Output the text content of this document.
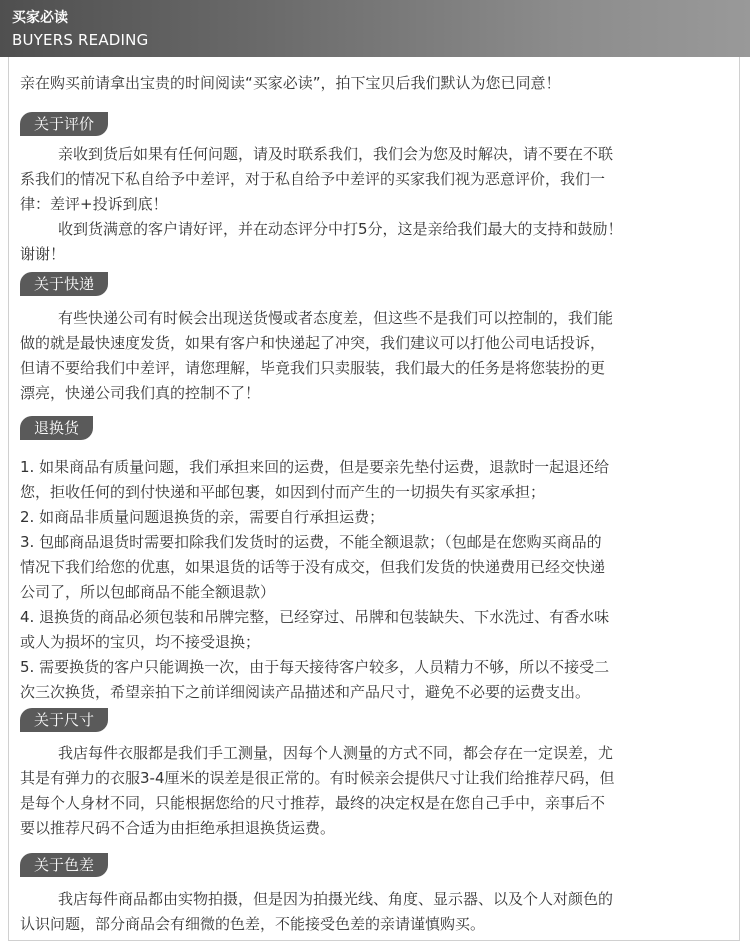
买家必读
BUYERS READING
亲在购买前请拿出宝贵的时间阅读“买家必读”，拍下宝贝后我们默认为您已同意！
关于评价
亲收到货后如果有任何问题，请及时联系我们，我们会为您及时解决，请不要在不联
系我们的情况下私自给予中差评，对于私自给予中差评的买家我们视为恶意评价，我们一
律：差评+投诉到底！
收到货满意的客户请好评，并在动态评分中打5分，这是亲给我们最大的支持和鼓励！
谢谢！
关于快递
有些快递公司有时候会出现送货慢或者态度差，但这些不是我们可以控制的，我们能
做的就是最快速度发货，如果有客户和快递起了冲突，我们建议可以打他公司电话投诉，
但请不要给我们中差评，请您理解，毕竟我们只卖服装，我们最大的任务是将您装扮的更
漂亮，快递公司我们真的控制不了！
退换货
1. 如果商品有质量问题，我们承担来回的运费，但是要亲先垫付运费，退款时一起退还给
您，拒收任何的到付快递和平邮包裹，如因到付而产生的一切损失有买家承担；
2. 如商品非质量问题退换货的亲，需要自行承担运费；
3. 包邮商品退货时需要扣除我们发货时的运费，不能全额退款；（包邮是在您购买商品的
情况下我们给您的优惠，如果退货的话等于没有成交，但我们发货的快递费用已经交快递
公司了，所以包邮商品不能全额退款）
4. 退换货的商品必须包装和吊牌完整，已经穿过、吊牌和包装缺失、下水洗过、有香水味
或人为损坏的宝贝，均不接受退换；
5. 需要换货的客户只能调换一次，由于每天接待客户较多，人员精力不够，所以不接受二
次三次换货，希望亲拍下之前详细阅读产品描述和产品尺寸，避免不必要的运费支出。
关于尺寸
我店每件衣服都是我们手工测量，因每个人测量的方式不同，都会存在一定误差，尤
其是有弹力的衣服3-4厘米的误差是很正常的。有时候亲会提供尺寸让我们给推荐尺码，但
是每个人身材不同，只能根据您给的尺寸推荐，最终的决定权是在您自己手中，亲事后不
要以推荐尺码不合适为由拒绝承担退换货运费。
关于色差
我店每件商品都由实物拍摄，但是因为拍摄光线、角度、显示器、以及个人对颜色的
认识问题，部分商品会有细微的色差，不能接受色差的亲请谨慎购买。
